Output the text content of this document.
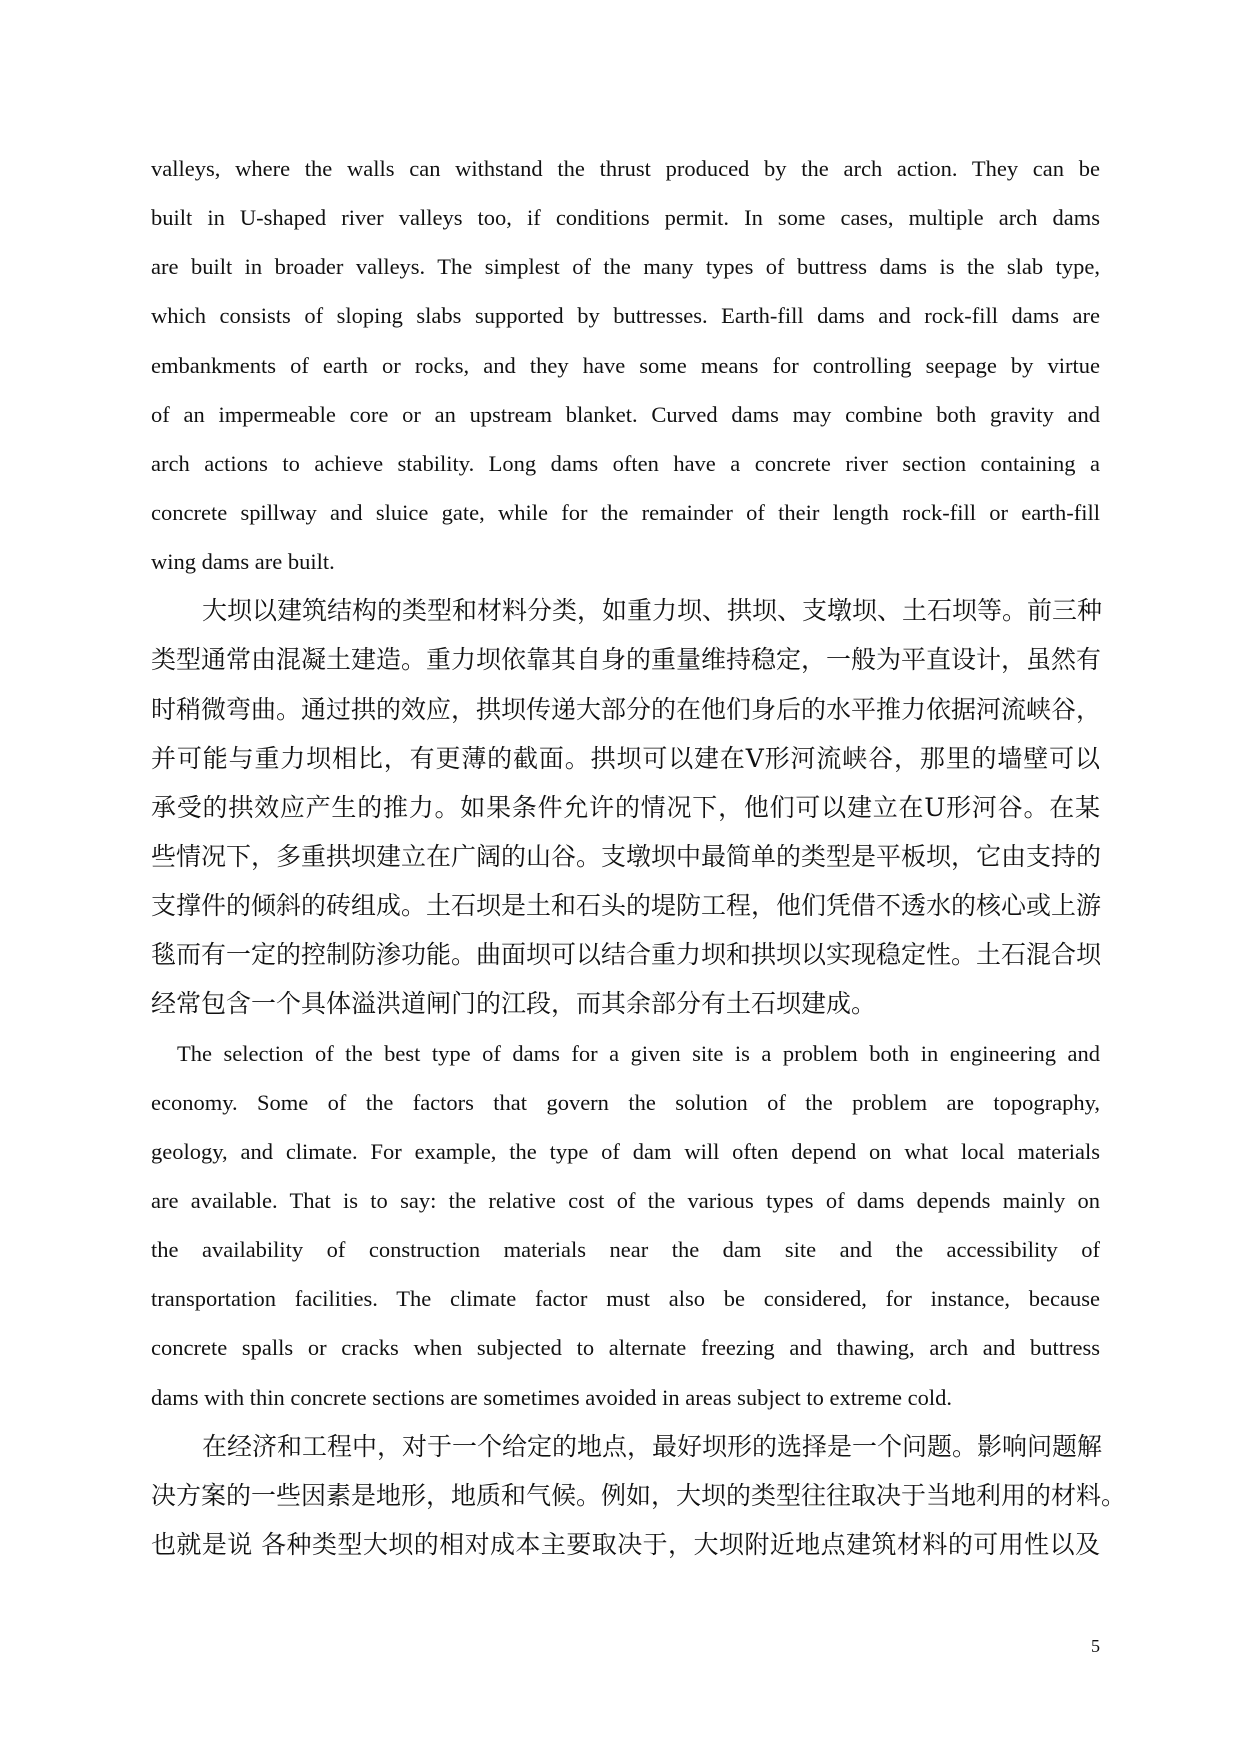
valleys, where the walls can withstand the thrust produced by the arch action. They can be
built in U-shaped river valleys too, if conditions permit. In some cases, multiple arch dams
are built in broader valleys. The simplest of the many types of buttress dams is the slab type,
which consists of sloping slabs supported by buttresses. Earth-fill dams and rock-fill dams are
embankments of earth or rocks, and they have some means for controlling seepage by virtue
of an impermeable core or an upstream blanket. Curved dams may combine both gravity and
arch actions to achieve stability. Long dams often have a concrete river section containing a
concrete spillway and sluice gate, while for the remainder of their length rock-fill or earth-fill
wing dams are built.
大坝以建筑结构的类型和材料分类，如重力坝、拱坝、支墩坝、土石坝等。前三种
类型通常由混凝土建造。重力坝依靠其自身的重量维持稳定，一般为平直设计，虽然有
时稍微弯曲。通过拱的效应，拱坝传递大部分的在他们身后的水平推力依据河流峡谷，
并可能与重力坝相比，有更薄的截面。拱坝可以建在V形河流峡谷，那里的墙壁可以
承受的拱效应产生的推力。如果条件允许的情况下，他们可以建立在U形河谷。在某
些情况下，多重拱坝建立在广阔的山谷。支墩坝中最简单的类型是平板坝，它由支持的
支撑件的倾斜的砖组成。土石坝是土和石头的堤防工程，他们凭借不透水的核心或上游
毯而有一定的控制防渗功能。曲面坝可以结合重力坝和拱坝以实现稳定性。土石混合坝
经常包含一个具体溢洪道闸门的江段，而其余部分有土石坝建成。
The selection of the best type of dams for a given site is a problem both in engineering and
economy. Some of the factors that govern the solution of the problem are topography,
geology, and climate. For example, the type of dam will often depend on what local materials
are available. That is to say: the relative cost of the various types of dams depends mainly on
the availability of construction materials near the dam site and the accessibility of
transportation facilities. The climate factor must also be considered, for instance, because
concrete spalls or cracks when subjected to alternate freezing and thawing, arch and buttress
dams with thin concrete sections are sometimes avoided in areas subject to extreme cold.
在经济和工程中，对于一个给定的地点，最好坝形的选择是一个问题。影响问题解
决方案的一些因素是地形，地质和气候。例如，大坝的类型往往取决于当地利用的材料。
也就是说 各种类型大坝的相对成本主要取决于，大坝附近地点建筑材料的可用性以及
5
